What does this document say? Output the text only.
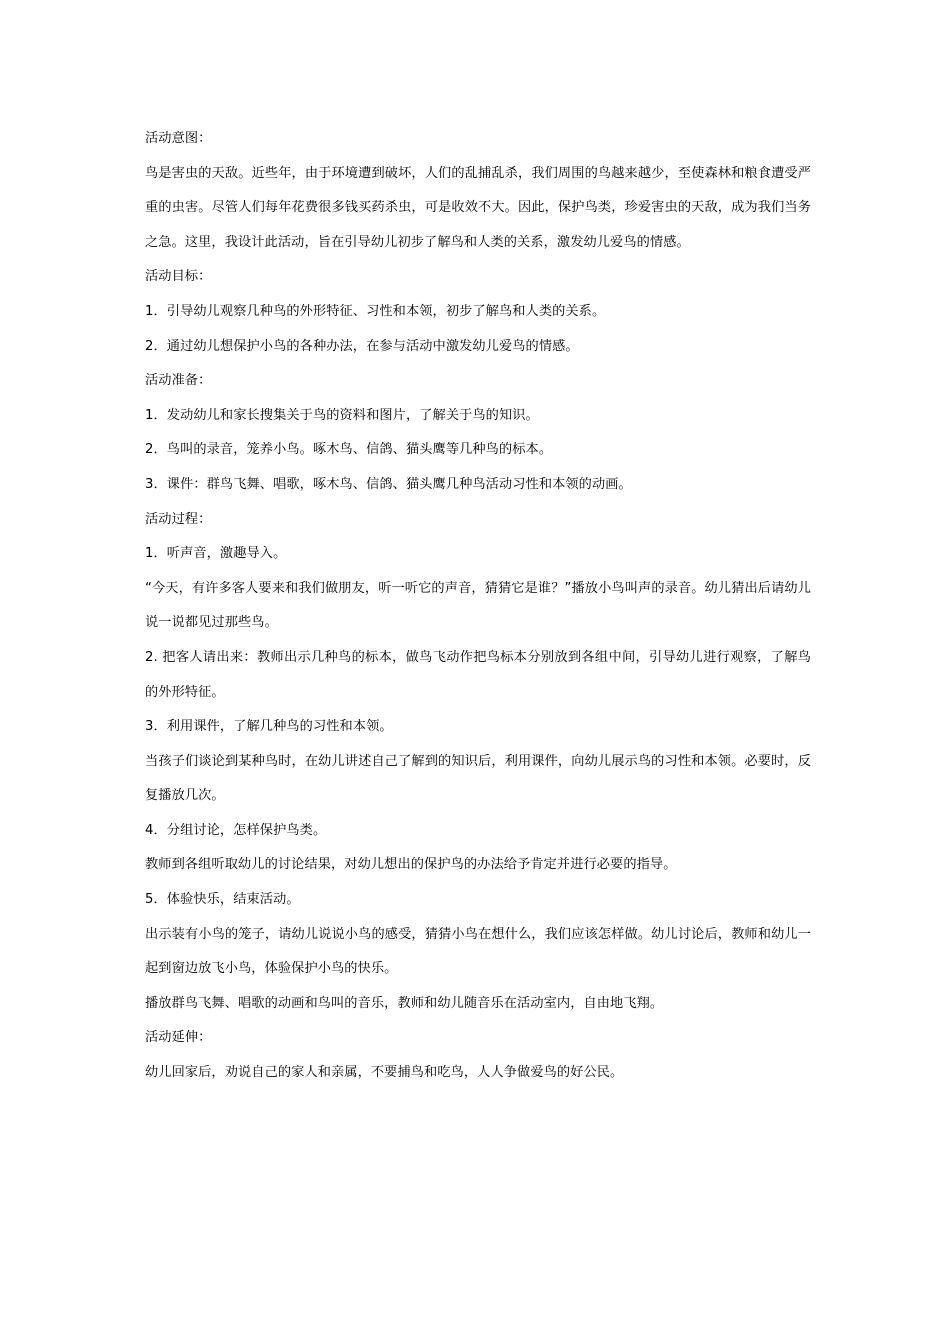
活动意图：

鸟是害虫的天敌。近些年，由于环境遭到破坏，人们的乱捕乱杀，我们周围的鸟越来越少，至使森林和粮食遭受严重的虫害。尽管人们每年花费很多钱买药杀虫，可是收效不大。因此，保护鸟类，珍爱害虫的天敌，成为我们当务之急。这里，我设计此活动，旨在引导幼儿初步了解鸟和人类的关系，激发幼儿爱鸟的情感。

活动目标：

1．引导幼儿观察几种鸟的外形特征、习性和本领，初步了解鸟和人类的关系。

2．通过幼儿想保护小鸟的各种办法，在参与活动中激发幼儿爱鸟的情感。

活动准备：

1．发动幼儿和家长搜集关于鸟的资料和图片，了解关于鸟的知识。

2．鸟叫的录音，笼养小鸟。啄木鸟、信鸽、猫头鹰等几种鸟的标本。

3．课件：群鸟飞舞、唱歌，啄木鸟、信鸽、猫头鹰几种鸟活动习性和本领的动画。

活动过程：

1．听声音，激趣导入。

“今天，有许多客人要来和我们做朋友，听一听它的声音，猜猜它是谁？”播放小鸟叫声的录音。幼儿猜出后请幼儿说一说都见过那些鸟。

2. 把客人请出来：教师出示几种鸟的标本，做鸟飞动作把鸟标本分别放到各组中间，引导幼儿进行观察，了解鸟的外形特征。

3．利用课件，了解几种鸟的习性和本领。

当孩子们谈论到某种鸟时，在幼儿讲述自己了解到的知识后，利用课件，向幼儿展示鸟的习性和本领。必要时，反复播放几次。

4．分组讨论，怎样保护鸟类。

教师到各组听取幼儿的讨论结果，对幼儿想出的保护鸟的办法给予肯定并进行必要的指导。

5．体验快乐，结束活动。

出示装有小鸟的笼子，请幼儿说说小鸟的感受，猜猜小鸟在想什么，我们应该怎样做。幼儿讨论后，教师和幼儿一起到窗边放飞小鸟，体验保护小鸟的快乐。

播放群鸟飞舞、唱歌的动画和鸟叫的音乐，教师和幼儿随音乐在活动室内，自由地飞翔。

活动延伸：

幼儿回家后，劝说自己的家人和亲属，不要捕鸟和吃鸟，人人争做爱鸟的好公民。
